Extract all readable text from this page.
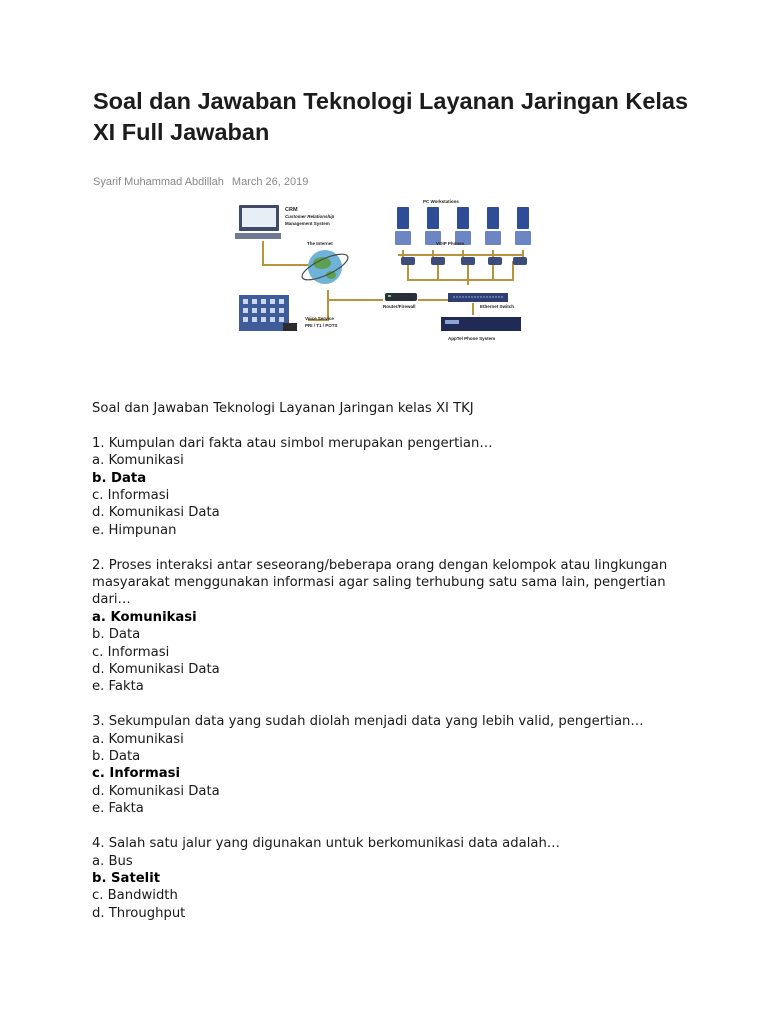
Soal dan Jawaban Teknologi Layanan Jaringan Kelas XI Full Jawaban
Syarif Muhammad Abdillah March 26, 2019
CRM
Customer Relationship
Management System
The Internet
Voice Service
PRI / T1 / POTS
Router/Firewall	Ethernet Switch
AppTel Phone System
PC Workstations
VOIP Phones

Soal dan Jawaban Teknologi Layanan Jaringan kelas XI TKJ

1. Kumpulan dari fakta atau simbol merupakan pengertian…

a. Komunikasi

b. Data

c. Informasi

d. Komunikasi Data

e. Himpunan

2. Proses interaksi antar seseorang/beberapa orang dengan kelompok atau lingkungan masyarakat menggunakan informasi agar saling terhubung satu sama lain, pengertian dari…

a. Komunikasi

b. Data

c. Informasi

d. Komunikasi Data

e. Fakta

3. Sekumpulan data yang sudah diolah menjadi data yang lebih valid, pengertian…

a. Komunikasi

b. Data

c. Informasi

d. Komunikasi Data

e. Fakta

4. Salah satu jalur yang digunakan untuk berkomunikasi data adalah…

a. Bus

b. Satelit

c. Bandwidth

d. Throughput
